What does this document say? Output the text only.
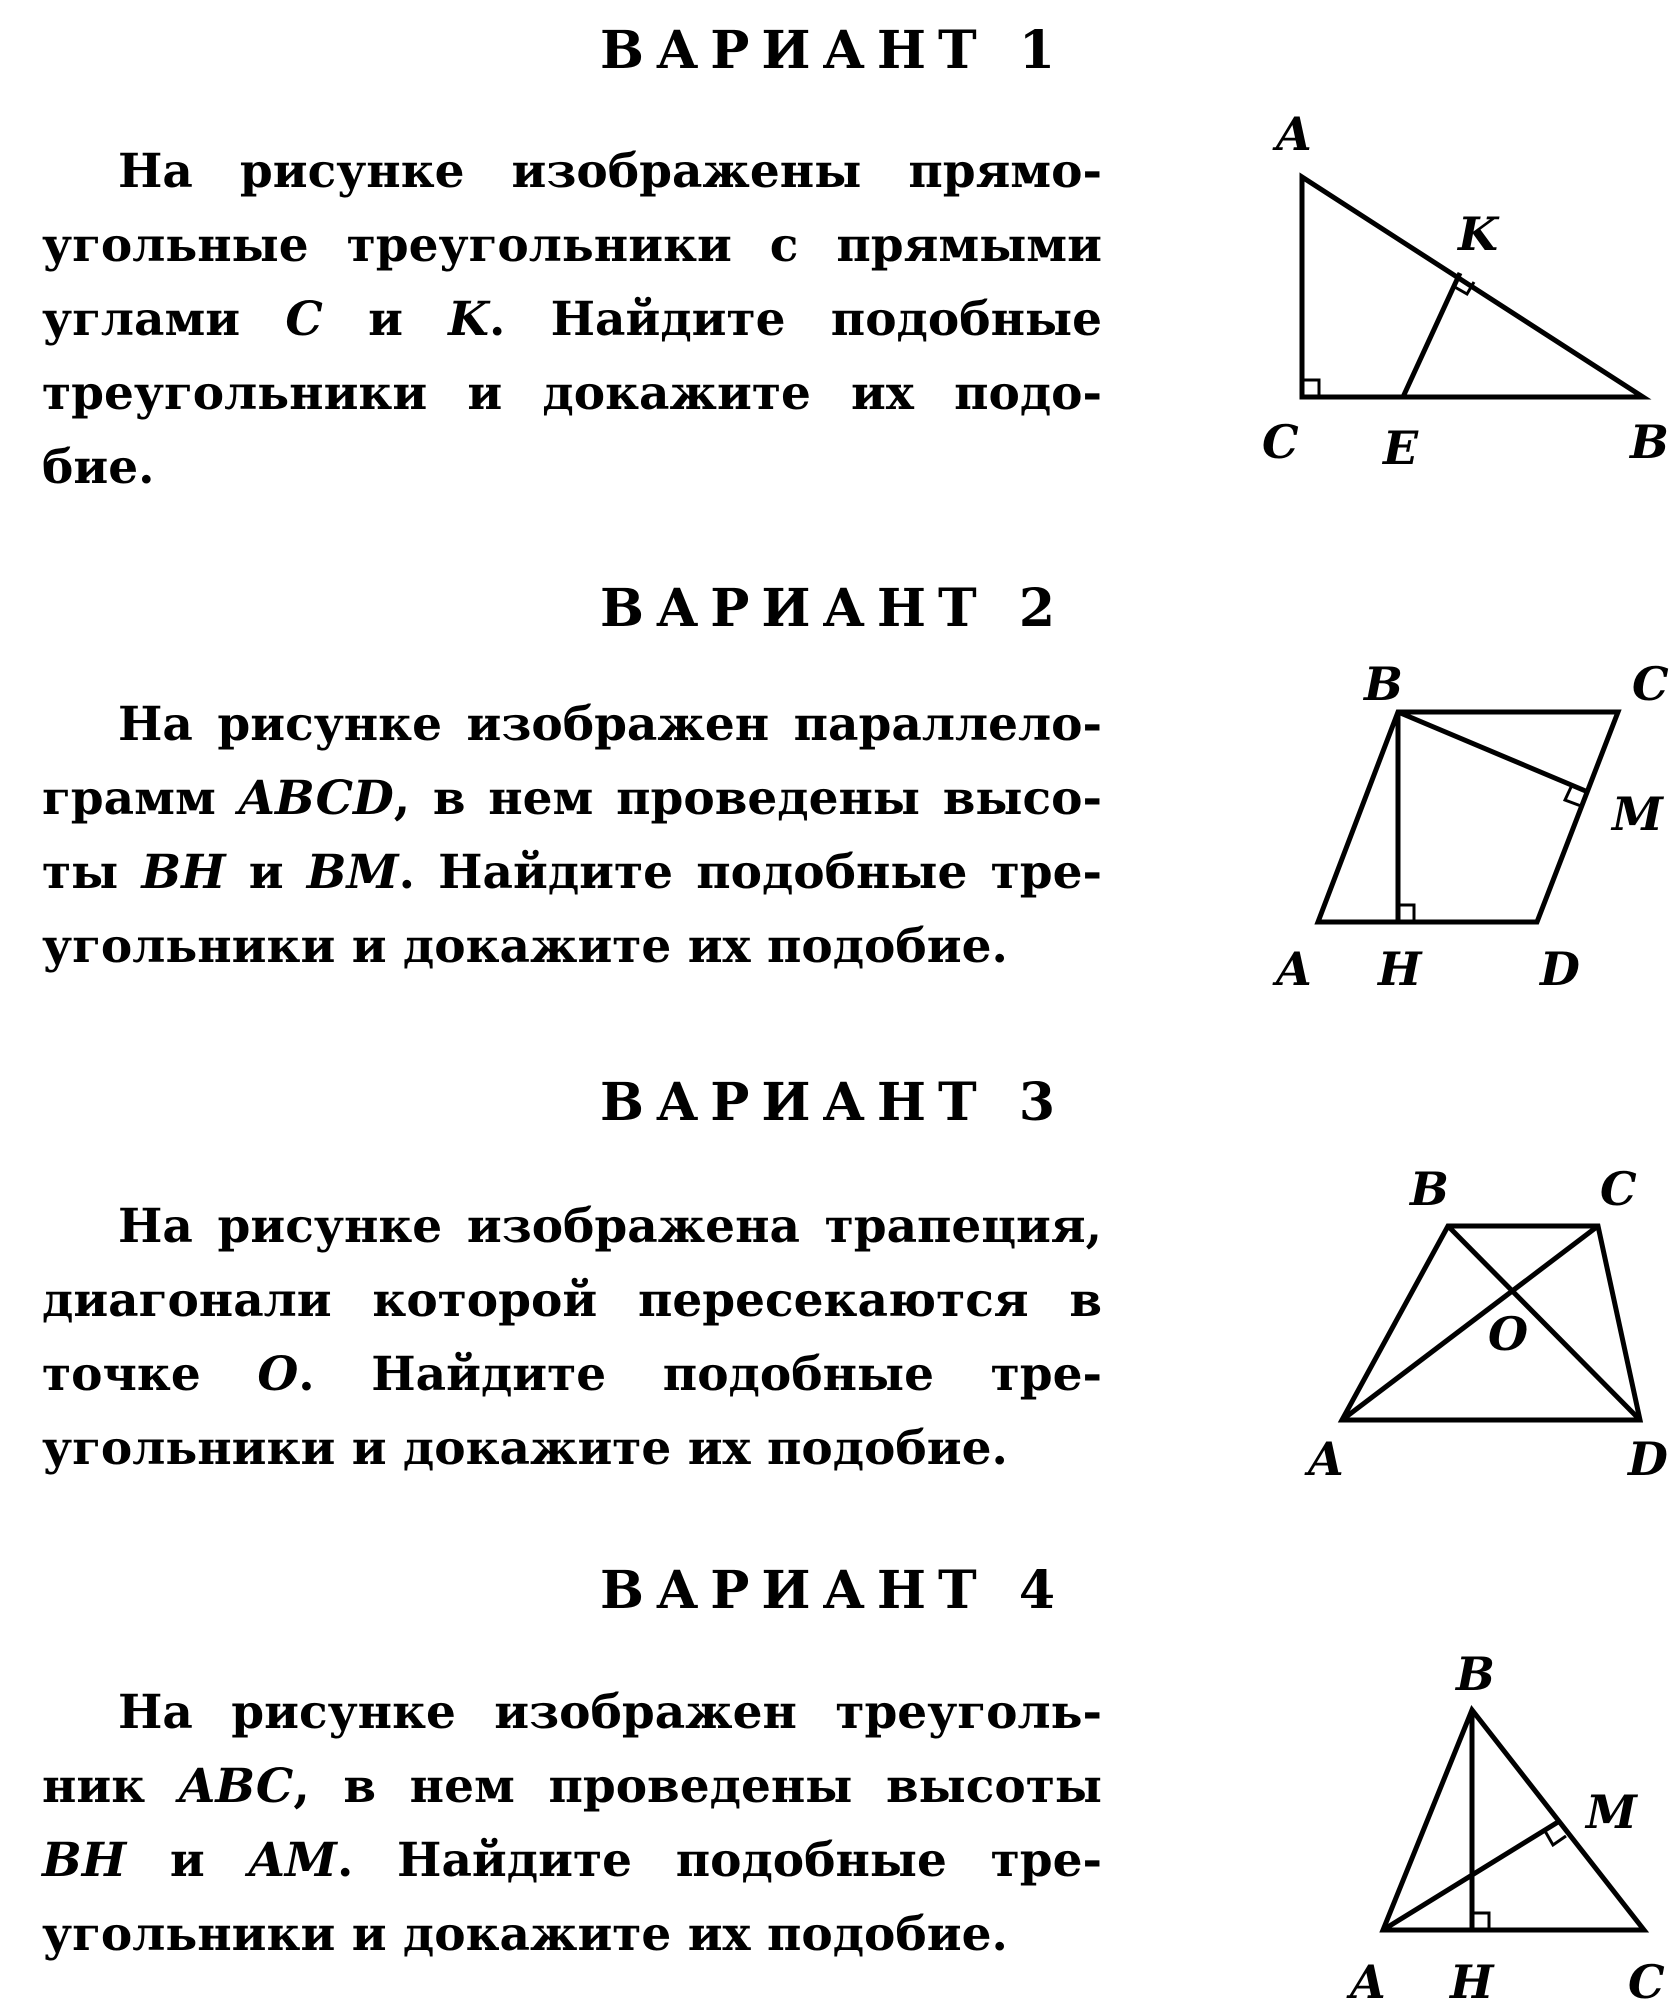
ВАРИАНТ 1

На рисунке изображены прямо-угольные треугольники с прямыми углами C и K. Найдите подобные треугольники и докажите их подо-бие.

ВАРИАНТ 2

На рисунке изображен параллело-грамм ABCD, в нем проведены высо-ты BH и BM. Найдите подобные тре-угольники и докажите их подобие.

ВАРИАНТ 3

На рисунке изображена трапеция, диагонали которой пересекаются в точке O. Найдите подобные тре-угольники и докажите их подобие.

ВАРИАНТ 4

На рисунке изображен треуголь-ник ABC, в нем проведены высоты BH и AM. Найдите подобные тре-угольники и докажите их подобие.

A
K
C E	B
B	C
M
A H	D
B	C
O
A	D
B
M
A H	C
